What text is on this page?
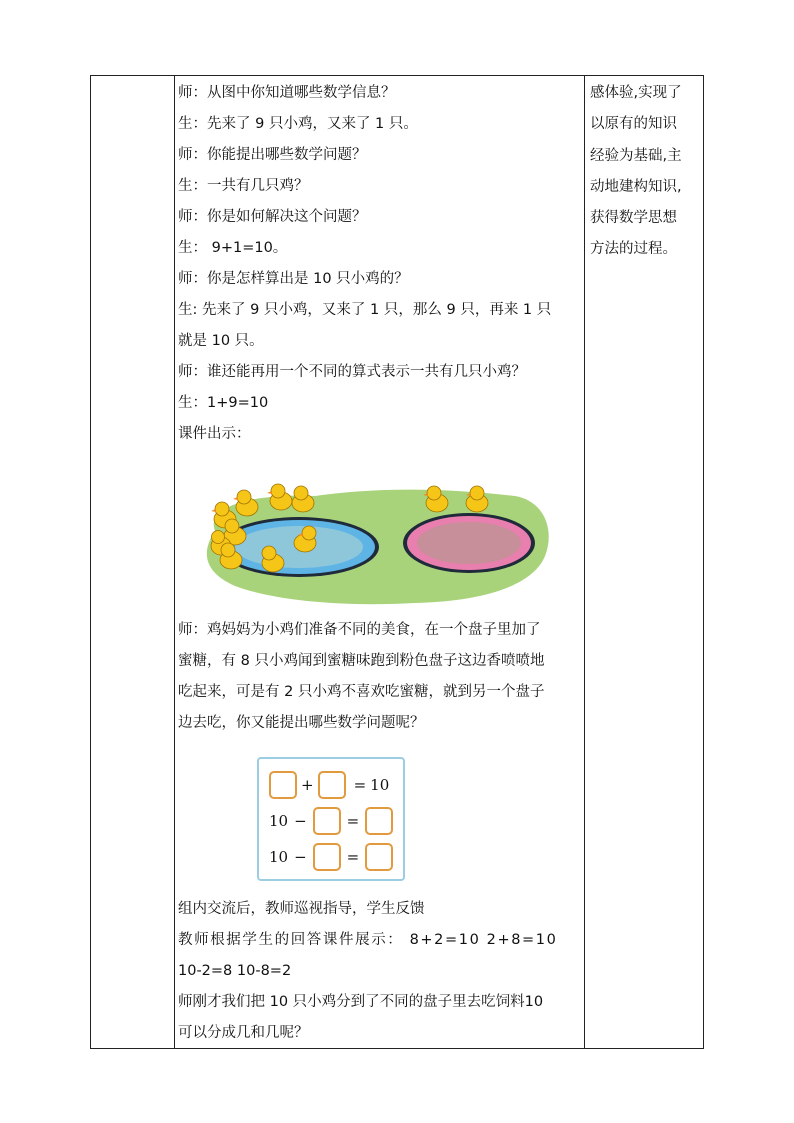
师：从图中你知道哪些数学信息？
生：先来了 9 只小鸡，又来了 1 只。
师：你能提出哪些数学问题？
生：一共有几只鸡？
师：你是如何解决这个问题？
生： 9+1=10。
师：你是怎样算出是 10 只小鸡的？
生: 先来了 9 只小鸡，又来了 1 只，那么 9 只，再来 1 只
就是 10 只。
师：谁还能再用一个不同的算式表示一共有几只小鸡？
生：1+9=10
课件出示：
师：鸡妈妈为小鸡们准备不同的美食，在一个盘子里加了
蜜糖，有 8 只小鸡闻到蜜糖味跑到粉色盘子这边香喷喷地
吃起来，可是有 2 只小鸡不喜欢吃蜜糖，就到另一个盘子
边去吃，你又能提出哪些数学问题呢？
+	= 10
10 −	=
10 −	=
组内交流后，教师巡视指导，学生反馈
教师根据学生的回答课件展示： 8+2=10 2+8=10
10-2=8 10-8=2
师刚才我们把 10 只小鸡分到了不同的盘子里去吃饲料10
可以分成几和几呢？
感体验,实现了
以原有的知识
经验为基础,主
动地建构知识,
获得数学思想
方法的过程。
